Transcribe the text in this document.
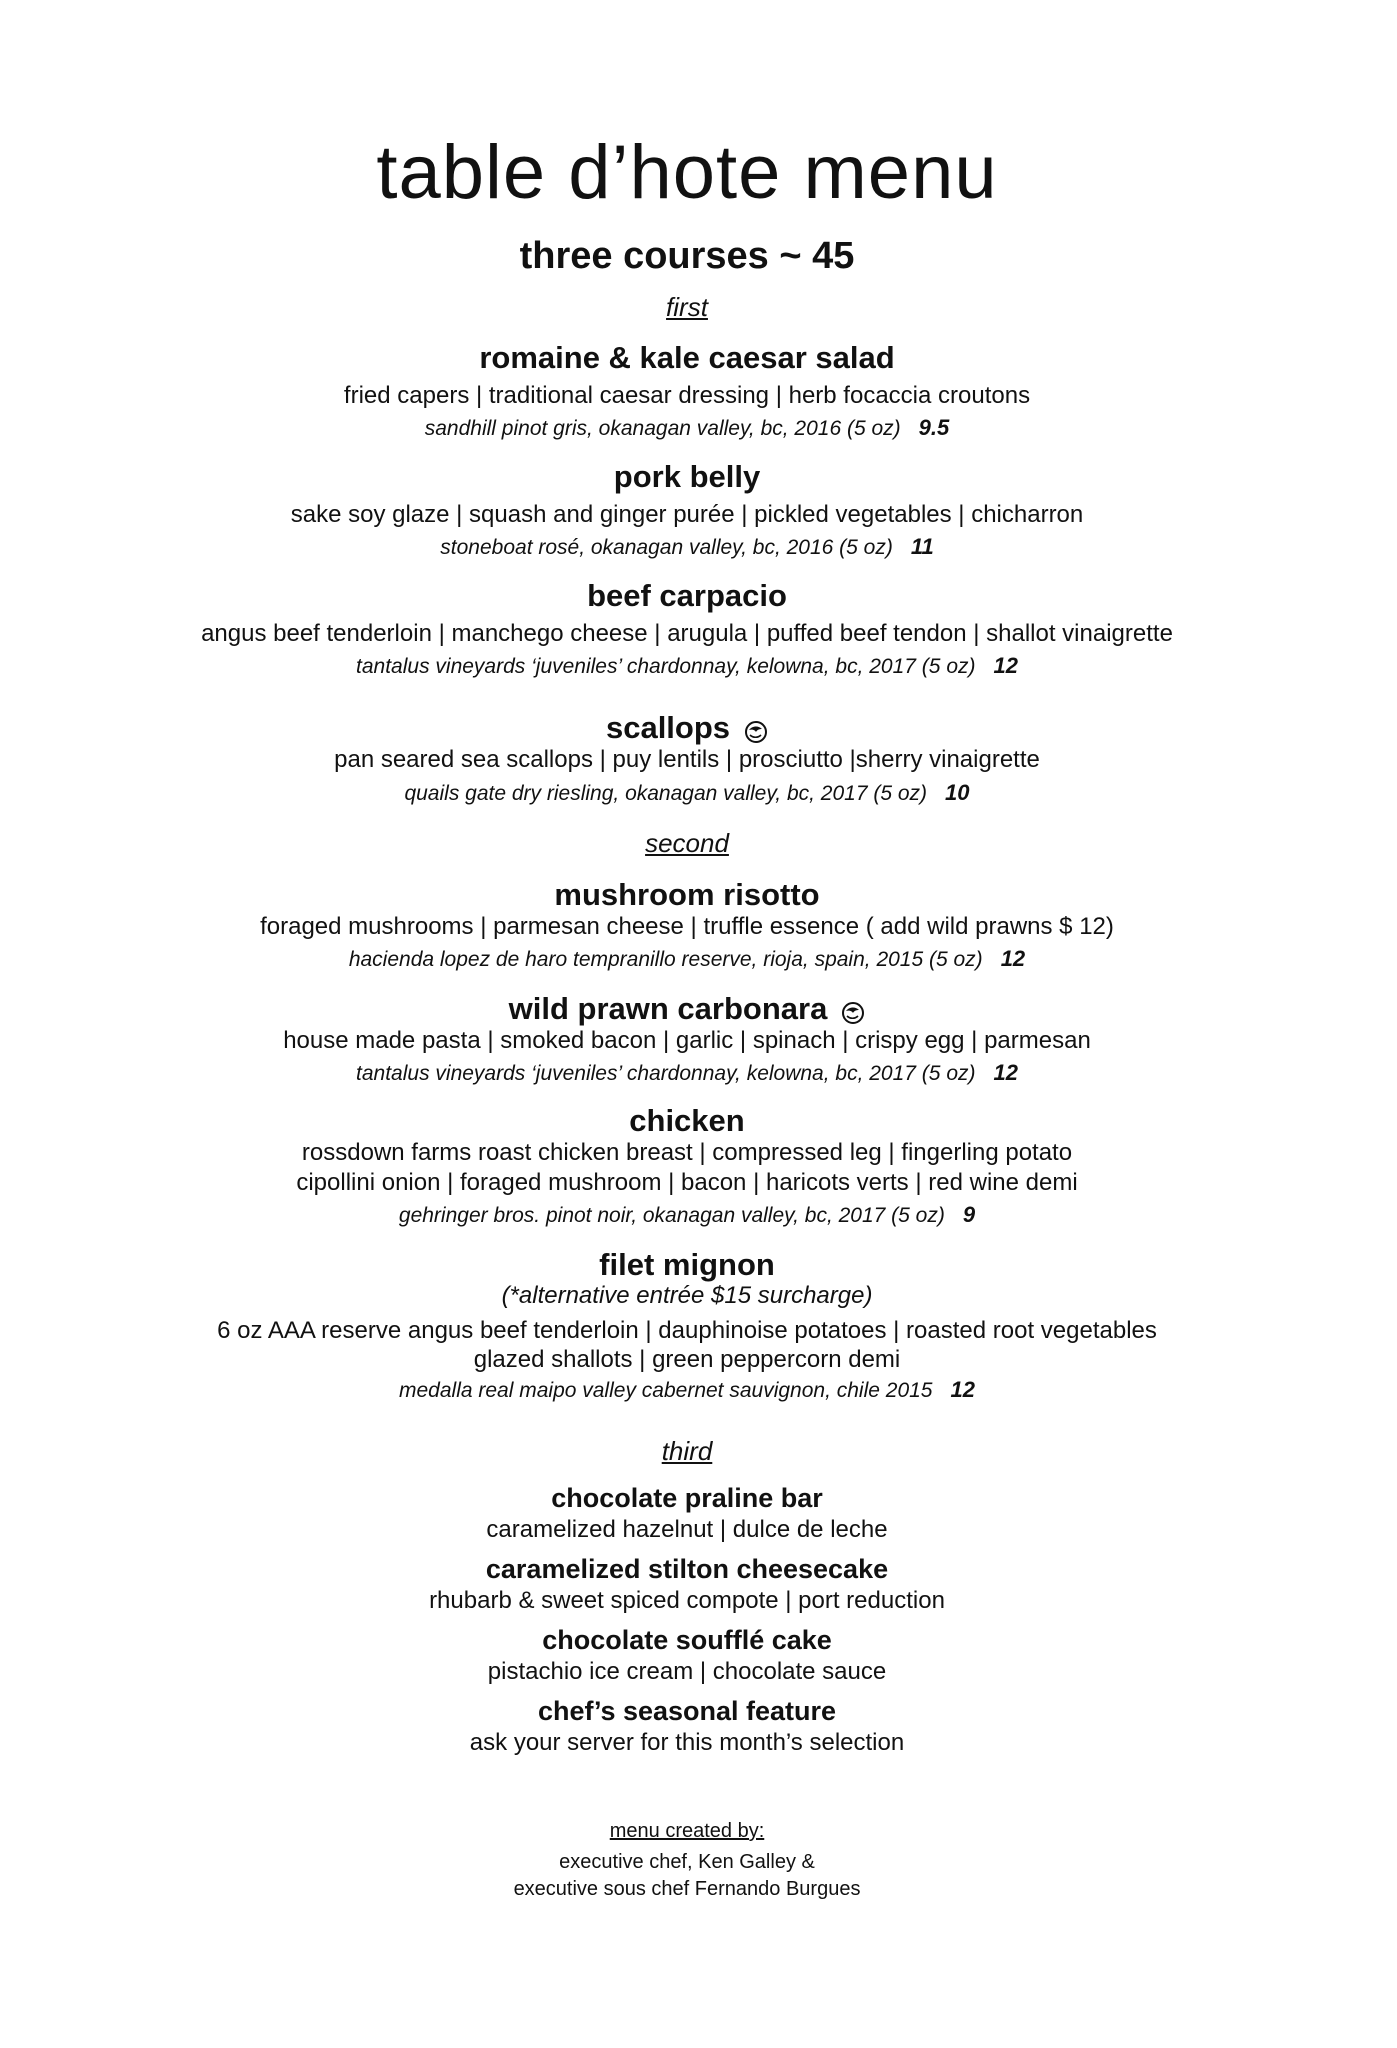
table d’hote menu
three courses ~ 45
first
romaine & kale caesar salad
fried capers | traditional caesar dressing | herb focaccia croutons
sandhill pinot gris, okanagan valley, bc, 2016 (5 oz) 9.5
pork belly
sake soy glaze | squash and ginger purée | pickled vegetables | chicharron
stoneboat rosé, okanagan valley, bc, 2016 (5 oz) 11
beef carpacio
angus beef tenderloin | manchego cheese | arugula | puffed beef tendon | shallot vinaigrette
tantalus vineyards ‘juveniles’ chardonnay, kelowna, bc, 2017 (5 oz) 12
scallops
pan seared sea scallops | puy lentils | prosciutto |sherry vinaigrette
quails gate dry riesling, okanagan valley, bc, 2017 (5 oz) 10
second
mushroom risotto
foraged mushrooms | parmesan cheese | truffle essence ( add wild prawns $ 12)
hacienda lopez de haro tempranillo reserve, rioja, spain, 2015 (5 oz) 12
wild prawn carbonara
house made pasta | smoked bacon | garlic | spinach | crispy egg | parmesan
tantalus vineyards ‘juveniles’ chardonnay, kelowna, bc, 2017 (5 oz) 12
chicken
rossdown farms roast chicken breast | compressed leg | fingerling potato
cipollini onion | foraged mushroom | bacon | haricots verts | red wine demi
gehringer bros. pinot noir, okanagan valley, bc, 2017 (5 oz) 9
filet mignon
(*alternative entrée $15 surcharge)
6 oz AAA reserve angus beef tenderloin | dauphinoise potatoes | roasted root vegetables
glazed shallots | green peppercorn demi
medalla real maipo valley cabernet sauvignon, chile 2015 12
third
chocolate praline bar
caramelized hazelnut | dulce de leche
caramelized stilton cheesecake
rhubarb & sweet spiced compote | port reduction
chocolate soufflé cake
pistachio ice cream | chocolate sauce
chef’s seasonal feature
ask your server for this month’s selection
menu created by:
executive chef, Ken Galley &
executive sous chef Fernando Burgues
